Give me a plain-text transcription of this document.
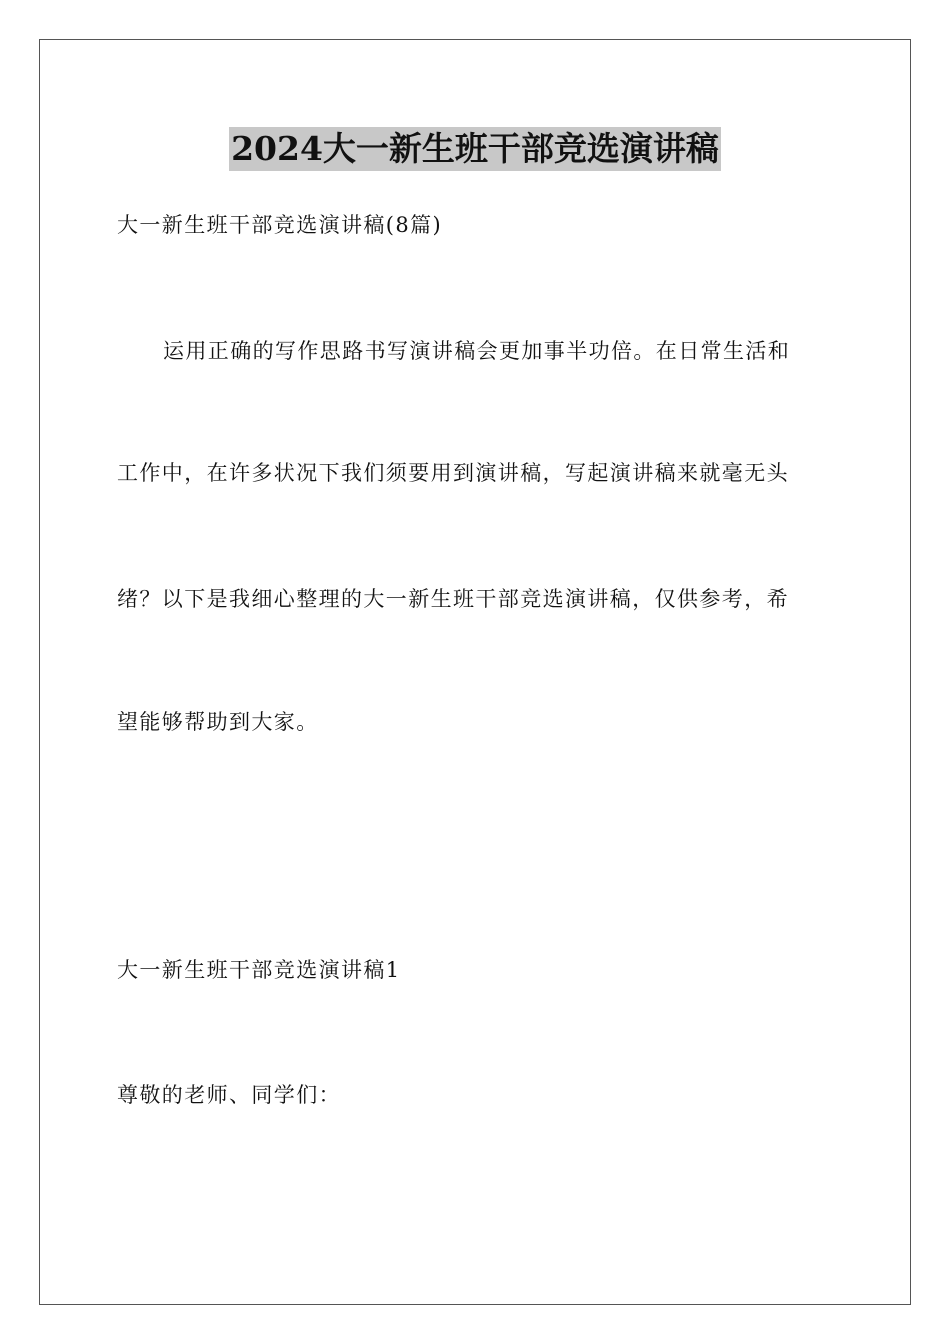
2024大一新生班干部竞选演讲稿
大一新生班干部竞选演讲稿(8篇)
运用正确的写作思路书写演讲稿会更加事半功倍。在日常生活和
工作中，在许多状况下我们须要用到演讲稿，写起演讲稿来就毫无头
绪？以下是我细心整理的大一新生班干部竞选演讲稿，仅供参考，希
望能够帮助到大家。
大一新生班干部竞选演讲稿1
尊敬的老师、同学们：
